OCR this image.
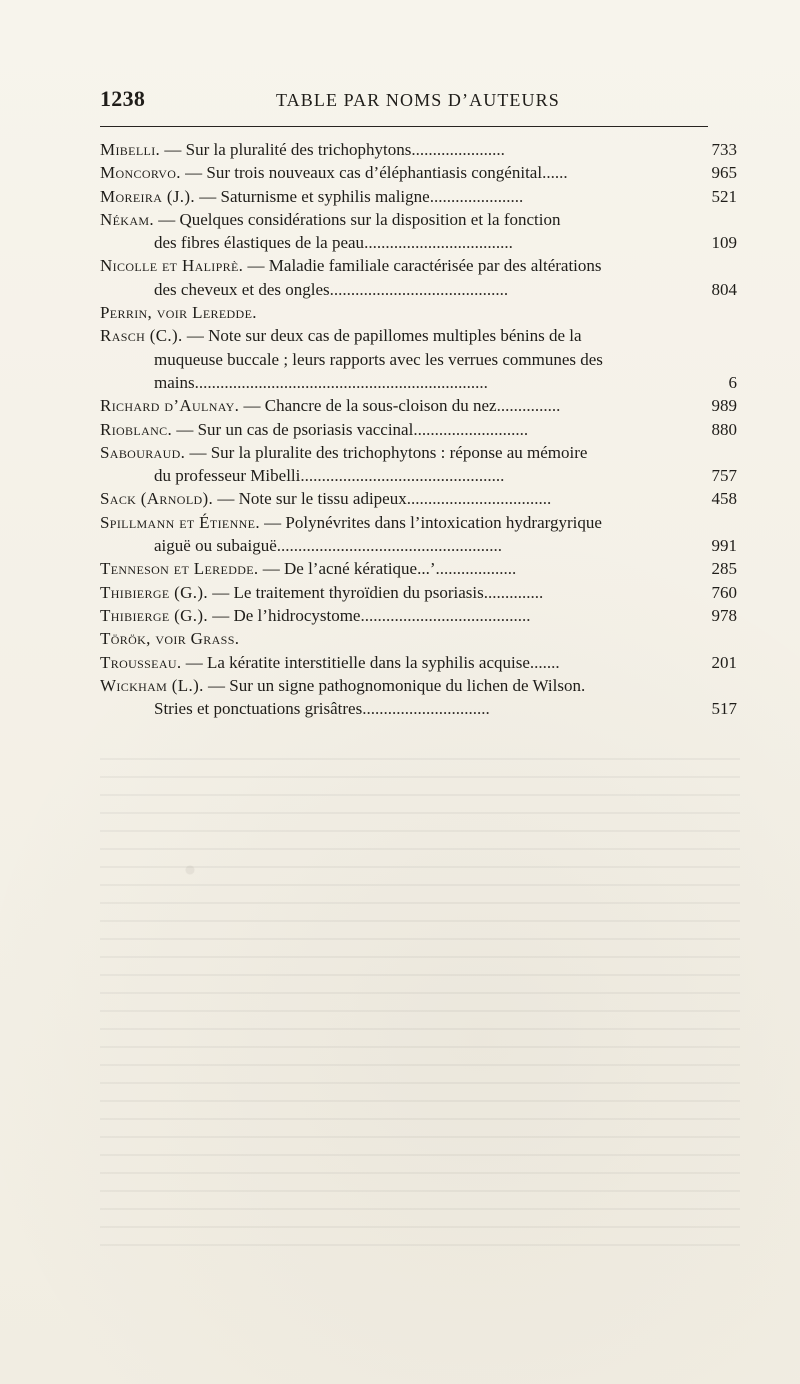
1238	TABLE PAR NOMS D’AUTEURS
Mibelli. — Sur la pluralité des trichophytons......................	733
Moncorvo. — Sur trois nouveaux cas d’éléphantiasis congénital......	965
Moreira (J.). — Saturnisme et syphilis maligne......................	521
Nékam. — Quelques considérations sur la disposition et la fonction
des fibres élastiques de la peau...................................	109
Nicolle et Haliprè. — Maladie familiale caractérisée par des altérations
des cheveux et des ongles..........................................	804
Perrin, voir Leredde.
Rasch (C.). — Note sur deux cas de papillomes multiples bénins de la
muqueuse buccale ; leurs rapports avec les verrues communes des
mains.....................................................................	6
Richard d’Aulnay. — Chancre de la sous-cloison du nez...............	989
Rioblanc. — Sur un cas de psoriasis vaccinal...........................	880
Sabouraud. — Sur la pluralite des trichophytons : réponse au mémoire
du professeur Mibelli................................................	757
Sack (Arnold). — Note sur le tissu adipeux..................................	458
Spillmann et Étienne. — Polynévrites dans l’intoxication hydrargyrique
aiguë ou subaiguë.....................................................	991
Tenneson et Leredde. — De l’acné kératique...’...................	285
Thibierge (G.). — Le traitement thyroïdien du psoriasis..............	760
Thibierge (G.). — De l’hidrocystome........................................	978
Török, voir Grass.
Trousseau. — La kératite interstitielle dans la syphilis acquise.......	201
Wickham (L.). — Sur un signe pathognomonique du lichen de Wilson.
Stries et ponctuations grisâtres..............................	517
